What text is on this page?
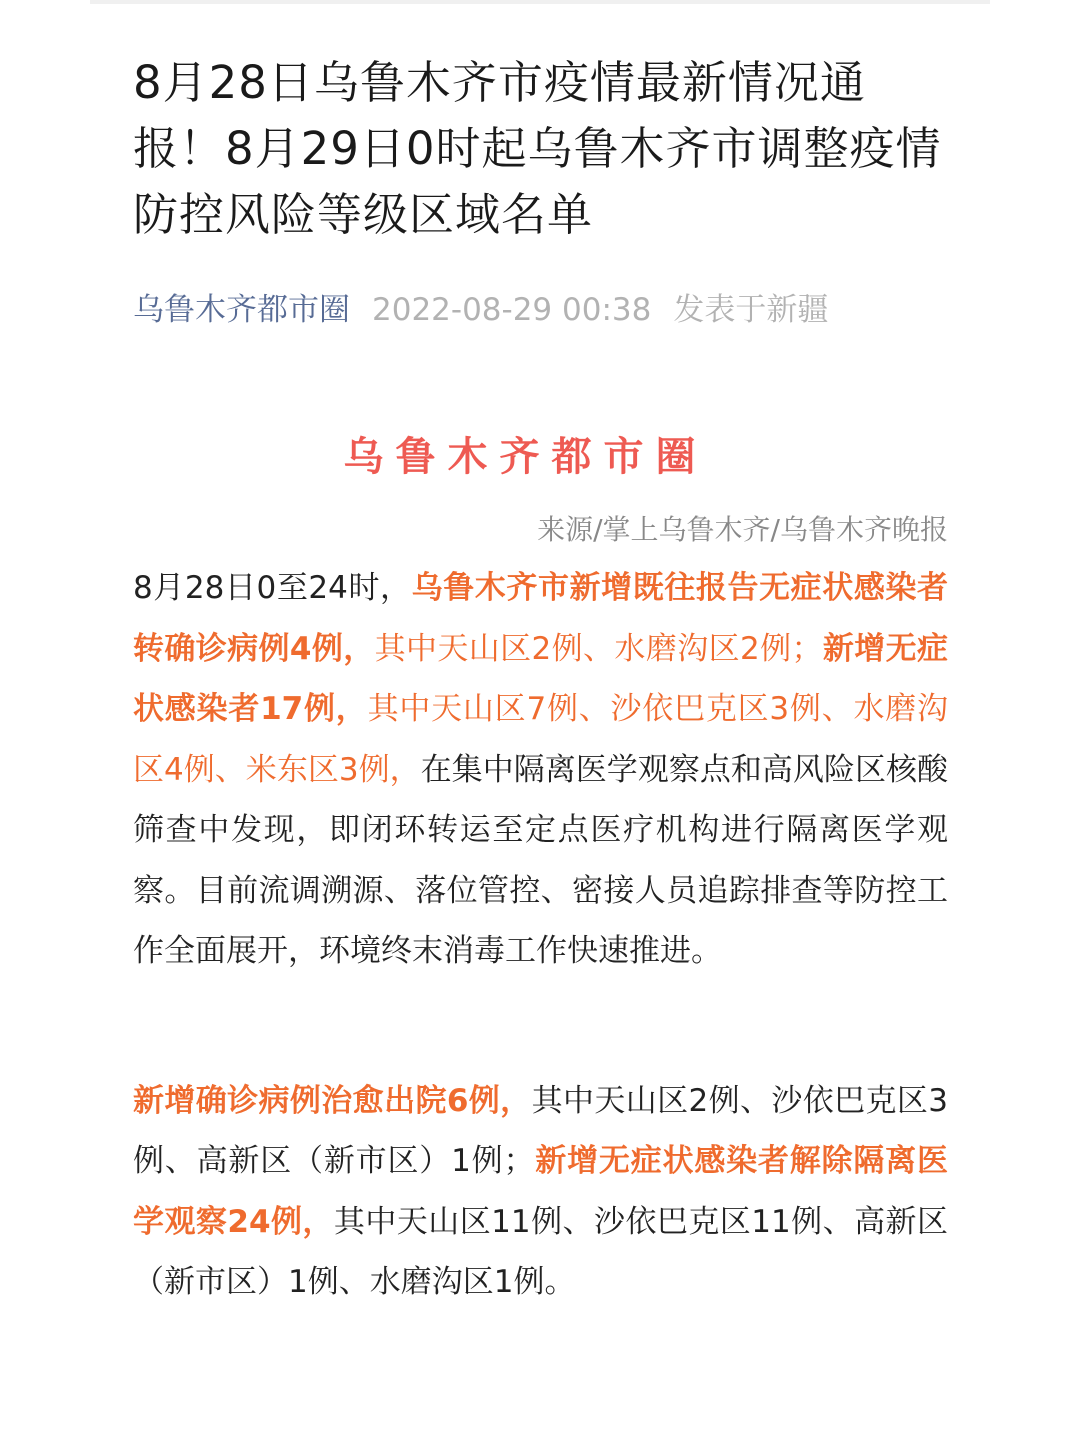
8月28日乌鲁木齐市疫情最新情况通报！8月29日0时起乌鲁木齐市调整疫情防控风险等级区域名单
乌鲁木齐都市圈 2022-08-29 00:38 发表于新疆
乌鲁木齐都市圈
来源/掌上乌鲁木齐/乌鲁木齐晚报

8月28日0至24时，乌鲁木齐市新增既往报告无症状感染者转确诊病例4例，其中天山区2例、水磨沟区2例；新增无症状感染者17例，其中天山区7例、沙依巴克区3例、水磨沟区4例、米东区3例，在集中隔离医学观察点和高风险区核酸筛查中发现，即闭环转运至定点医疗机构进行隔离医学观察。目前流调溯源、落位管控、密接人员追踪排查等防控工作全面展开，环境终末消毒工作快速推进。

新增确诊病例治愈出院6例，其中天山区2例、沙依巴克区3例、高新区（新市区）1例；新增无症状感染者解除隔离医学观察24例，其中天山区11例、沙依巴克区11例、高新区（新市区）1例、水磨沟区1例。
